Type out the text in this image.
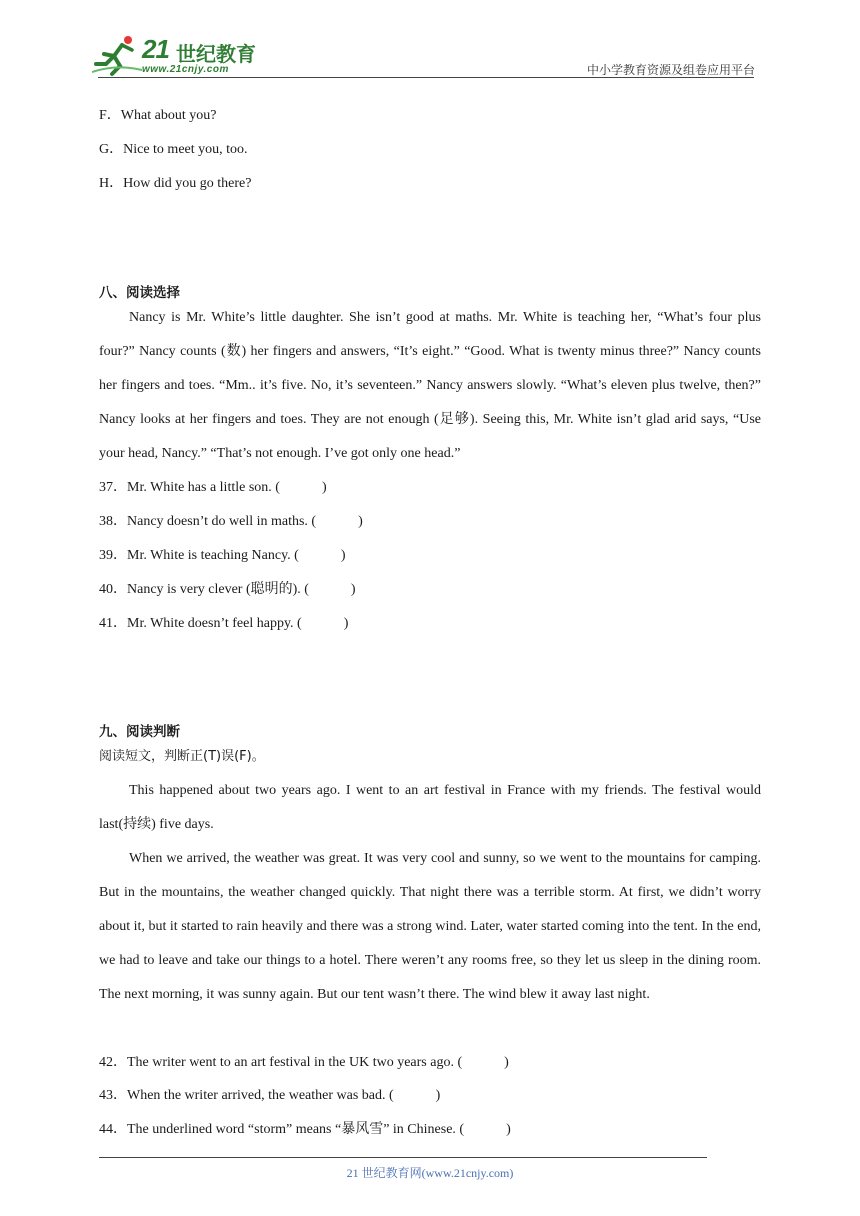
21 世纪教育
www.21cnjy.com	中小学教育资源及组卷应用平台
F．What about you?
G．Nice to meet you, too.
H．How did you go there?
八、阅读选择
Nancy is Mr. White’s little daughter. She isn’t good at maths. Mr. White is teaching her, “What’s four plus four?” Nancy counts (数) her fingers and answers, “It’s eight.” “Good. What is twenty minus three?” Nancy counts her fingers and toes. “Mm.. it’s five. No, it’s seventeen.” Nancy answers slowly. “What’s eleven plus twelve, then?” Nancy looks at her fingers and toes. They are not enough (足够). Seeing this, Mr. White isn’t glad arid says, “Use your head, Nancy.” “That’s not enough. I’ve got only one head.”
37．Mr. White has a little son. (　　　)
38．Nancy doesn’t do well in maths. (　　　)
39．Mr. White is teaching Nancy. (　　　)
40．Nancy is very clever (聪明的). (　　　)
41．Mr. White doesn’t feel happy. (　　　)
九、阅读判断
阅读短文，判断正(T)误(F)。
This happened about two years ago. I went to an art festival in France with my friends. The festival would last(持续) five days.
When we arrived, the weather was great. It was very cool and sunny, so we went to the mountains for camping. But in the mountains, the weather changed quickly. That night there was a terrible storm. At first, we didn’t worry about it, but it started to rain heavily and there was a strong wind. Later, water started coming into the tent. In the end, we had to leave and take our things to a hotel. There weren’t any rooms free, so they let us sleep in the dining room. The next morning, it was sunny again. But our tent wasn’t there. The wind blew it away last night.
42．The writer went to an art festival in the UK two years ago. (　　　)
43．When the writer arrived, the weather was bad. (　　　)
44．The underlined word “storm” means “暴风雪” in Chinese. (　　　)
21 世纪教育网(www.21cnjy.com)
